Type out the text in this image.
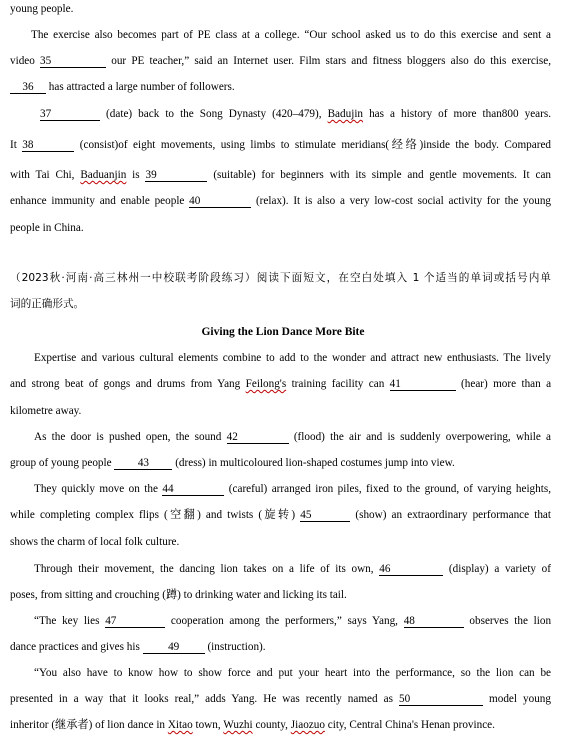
young people.
The exercise also becomes part of PE class at a college. “Our school asked us to do this exercise and sent a
video 35	our PE teacher,” said an Internet user. Film stars and fitness bloggers also do this exercise,
36 has attracted a large number of followers.
37	(date) back to the Song Dynasty (420–479), Badujin has a history of more than800 years.
It 38	(consist)of eight movements, using limbs to stimulate meridians(经络)inside the body. Compared
with Tai Chi, Baduanjin is 39	(suitable) for beginners with its simple and gentle movements. It can
enhance immunity and enable people 40	(relax). It is also a very low-cost social activity for the young
people in China.
（2023秋·河南·高三林州一中校联考阶段练习）阅读下面短文，在空白处填入 1 个适当的单词或括号内单
词的正确形式。
Giving the Lion Dance More Bite
Expertise and various cultural elements combine to add to the wonder and attract new enthusiasts. The lively
and strong beat of gongs and drums from Yang Feilong's training facility can 41	(hear) more than a
kilometre away.
As the door is pushed open, the sound 42	(flood) the air and is suddenly overpowering, while a
group of young people 43 (dress) in multicoloured lion-shaped costumes jump into view.
They quickly move on the 44	(careful) arranged iron piles, fixed to the ground, of varying heights,
while completing complex flips (空翻) and twists (旋转) 45	(show) an extraordinary performance that
shows the charm of local folk culture.
Through their movement, the dancing lion takes on a life of its own, 46	(display) a variety of
poses, from sitting and crouching (蹲) to drinking water and licking its tail.
“The key lies 47	cooperation among the performers,” says Yang, 48	observes the lion
dance practices and gives his	49	(instruction).
“You also have to know how to show force and put your heart into the performance, so the lion can be
presented in a way that it looks real,” adds Yang. He was recently named as 50	model young
inheritor (继承者) of lion dance in Xitao town, Wuzhi county, Jiaozuo city, Central China's Henan province.
